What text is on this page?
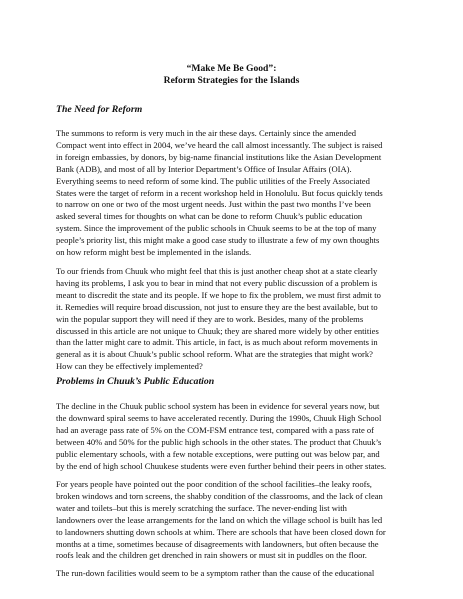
“Make Me Be Good”:

Reform Strategies for the Islands

The Need for Reform

The summons to reform is very much in the air these days. Certainly since the amended
Compact went into effect in 2004, we’ve heard the call almost incessantly. The subject is raised
in foreign embassies, by donors, by big-name financial institutions like the Asian Development
Bank (ADB), and most of all by Interior Department’s Office of Insular Affairs (OIA).
Everything seems to need reform of some kind. The public utilities of the Freely Associated
States were the target of reform in a recent workshop held in Honolulu. But focus quickly tends
to narrow on one or two of the most urgent needs. Just within the past two months I’ve been
asked several times for thoughts on what can be done to reform Chuuk’s public education
system. Since the improvement of the public schools in Chuuk seems to be at the top of many
people’s priority list, this might make a good case study to illustrate a few of my own thoughts
on how reform might best be implemented in the islands.
To our friends from Chuuk who might feel that this is just another cheap shot at a state clearly
having its problems, I ask you to bear in mind that not every public discussion of a problem is
meant to discredit the state and its people. If we hope to fix the problem, we must first admit to
it. Remedies will require broad discussion, not just to ensure they are the best available, but to
win the popular support they will need if they are to work. Besides, many of the problems
discussed in this article are not unique to Chuuk; they are shared more widely by other entities
than the latter might care to admit. This article, in fact, is as much about reform movements in
general as it is about Chuuk’s public school reform. What are the strategies that might work?
How can they be effectively implemented?

Problems in Chuuk’s Public Education

The decline in the Chuuk public school system has been in evidence for several years now, but
the downward spiral seems to have accelerated recently. During the 1990s, Chuuk High School
had an average pass rate of 5% on the COM-FSM entrance test, compared with a pass rate of
between 40% and 50% for the public high schools in the other states. The product that Chuuk’s
public elementary schools, with a few notable exceptions, were putting out was below par, and
by the end of high school Chuukese students were even further behind their peers in other states.
For years people have pointed out the poor condition of the school facilities–the leaky roofs,
broken windows and torn screens, the shabby condition of the classrooms, and the lack of clean
water and toilets–but this is merely scratching the surface. The never-ending list with
landowners over the lease arrangements for the land on which the village school is built has led
to landowners shutting down schools at whim. There are schools that have been closed down for
months at a time, sometimes because of disagreements with landowners, but often because the
roofs leak and the children get drenched in rain showers or must sit in puddles on the floor.
The run-down facilities would seem to be a symptom rather than the cause of the educational
